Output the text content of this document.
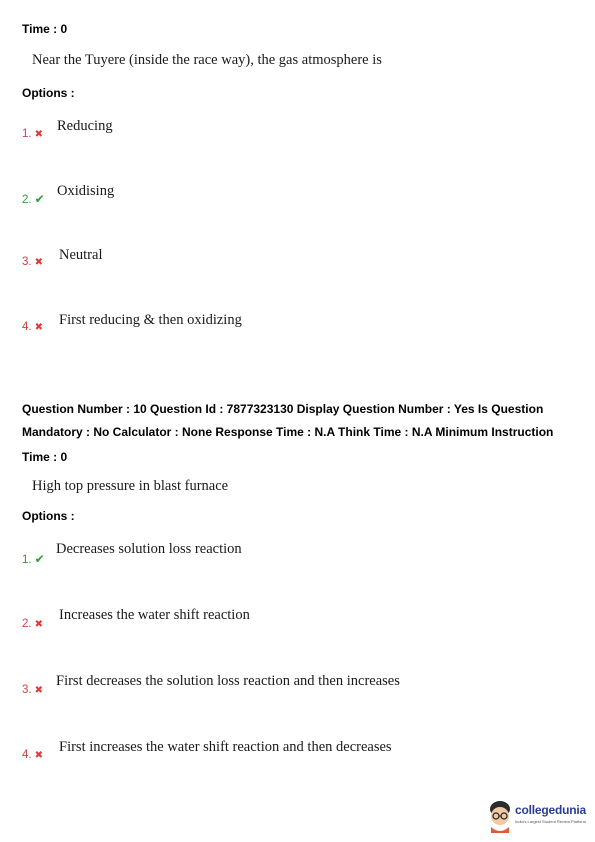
Time : 0
Near the Tuyere (inside the race way), the gas atmosphere is
Options :
1. ✖
Reducing
2. ✔ Oxidising
3. ✖ Neutral
4. ✖ First reducing & then oxidizing
Question Number : 10 Question Id : 7877323130 Display Question Number : Yes Is Question
Mandatory : No Calculator : None Response Time : N.A Think Time : N.A Minimum Instruction
Time : 0
High top pressure in blast furnace
Options :
1. ✔
Decreases solution loss reaction
2. ✖
Increases the water shift reaction
3. ✖
First decreases the solution loss reaction and then increases
4. ✖
First increases the water shift reaction and then decreases
collegedunia
India's Largest Student Review Platform
